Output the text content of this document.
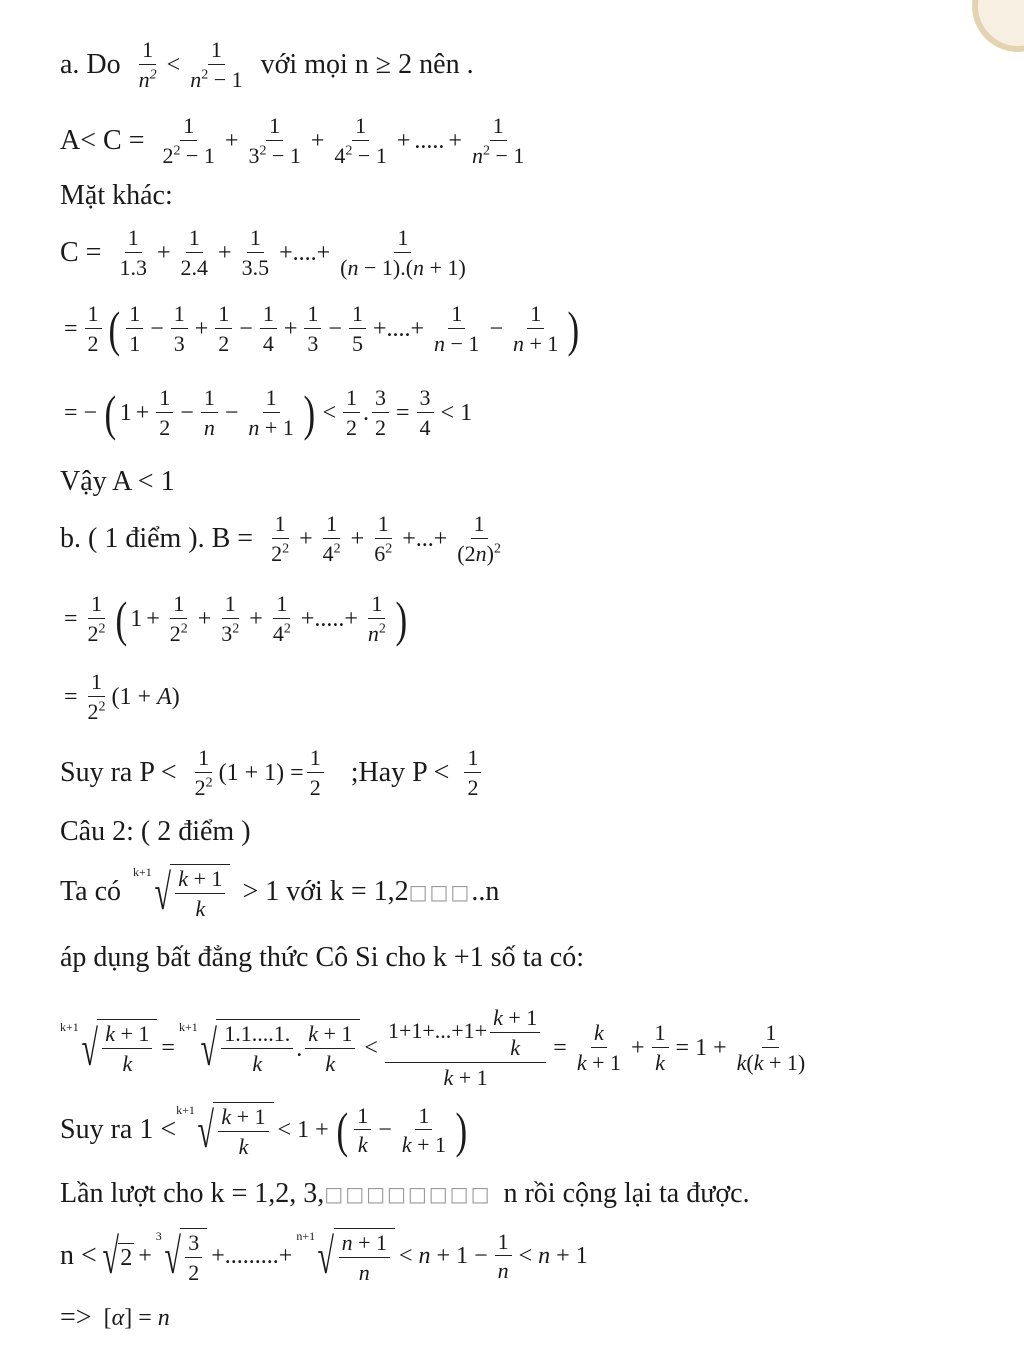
a. Do $\frac{1}{n^2} < \frac{1}{n^2 - 1}$ với mọi n ≥ 2 nên .
$A< C = \frac{1}{2^2 - 1} + \frac{1}{3^2 - 1} + \frac{1}{4^2 - 1}$ + ..... + $\frac{1}{n^2 - 1}$
Mặt khác:
$C = \frac{1}{1.3} + \frac{1}{2.4} + \frac{1}{3.5}$ +....+ $\frac{1}{(n - 1).(n + 1)}$
= $\frac{1}{2}$ ( $\frac{1}{1} - \frac{1}{3} + \frac{1}{2} - \frac{1}{4} + \frac{1}{3} - \frac{1}{5}$ +....+ $\frac{1}{n - 1} - \frac{1}{n + 1}$ )
= − ( $1 + \frac{1}{2} - \frac{1}{n} - \frac{1}{n + 1}$ ) < $\frac{1}{2}$ . $\frac{3}{2} = \frac{3}{4} < 1$
Vậy A < 1
b. ( 1 điểm ). $B = \frac{1}{2^2} + \frac{1}{4^2} + \frac{1}{6^2}$ +...+ $\frac{1}{(2n)^2}$
= $\frac{1}{2^2}$ ( $1 + \frac{1}{2^2} + \frac{1}{3^2} + \frac{1}{4^2}$ +.....+ $\frac{1}{n^2}$ )
= $\frac{1}{2^2} (1 + A)$
Suy ra $P < \frac{1}{2^2} (1 + 1) = \frac{1}{2}$ ;Hay $P < \frac{1}{2}$
Câu 2: ( 2 điểm )
Ta có
k+1 √ $\frac{k + 1}{k} > 1$ với k = 1,2 □□□ ..n
áp dụng bất đẳng thức Cô Si cho k +1 số ta có:
k+1 √ $\frac{k + 1}{k}$ =
k+1 √ $\frac{1.1....1.}{k}$ . $\frac{k + 1}{k} < \frac{1+1+...+1+ \frac{k + 1}{k}}{k + 1} = \frac{k}{k + 1} + \frac{1}{k} = 1 + \frac{1}{k(k + 1)}$
Suy ra 1 <
k+1 √ $\frac{k + 1}{k} < 1$ + ( $\frac{1}{k} - \frac{1}{k + 1}$ )
Lần lượt cho k = 1,2, 3, □□□□□□□□ n rồi cộng lại ta được.
n < √ 2 +
3 √ $\frac{3}{2}$ +.........+
n+1 √ $\frac{n + 1}{n} < n + 1 - \frac{1}{n} < n + 1$
=> [α] = n
